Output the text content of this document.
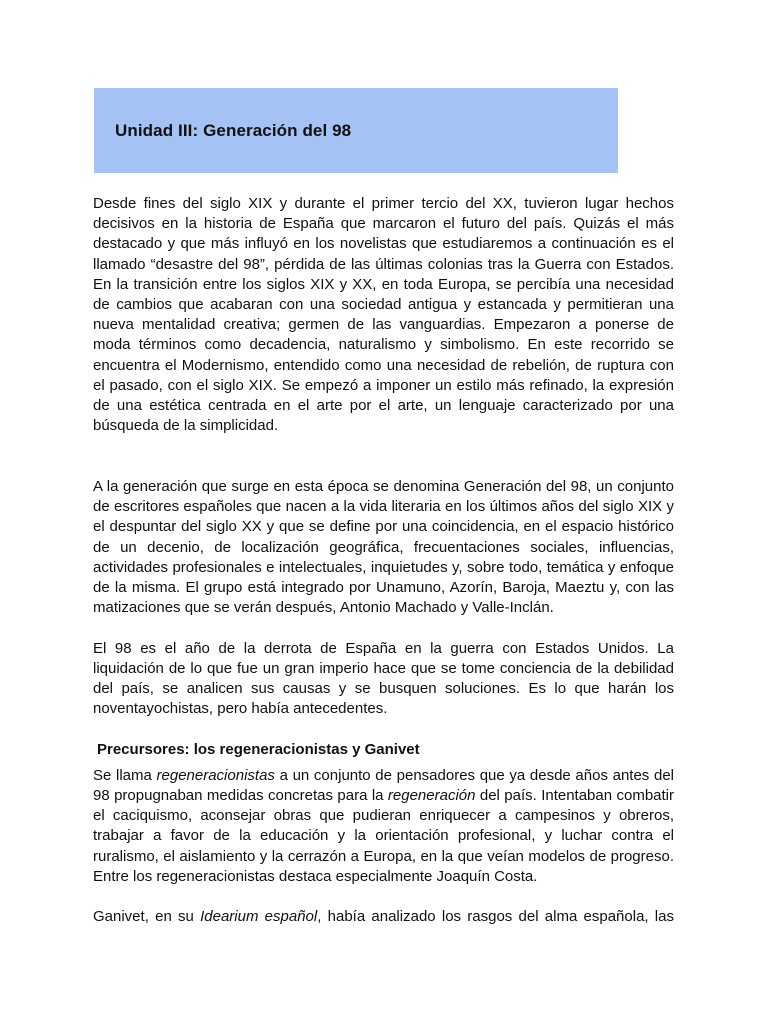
Unidad III: Generación del 98

Desde fines del siglo XIX y durante el primer tercio del XX, tuvieron lugar hechos decisivos en la historia de España que marcaron el futuro del país. Quizás el más destacado y que más influyó en los novelistas que estudiaremos a continuación es el llamado “desastre del 98”, pérdida de las últimas colonias tras la Guerra con Estados. En la transición entre los siglos XIX y XX, en toda Europa, se percibía una necesidad de cambios que acabaran con una sociedad antigua y estancada y permitieran una nueva mentalidad creativa; germen de las vanguardias. Empezaron a ponerse de moda términos como decadencia, naturalismo y simbolismo. En este recorrido se encuentra el Modernismo, entendido como una necesidad de rebelión, de ruptura con el pasado, con el siglo XIX. Se empezó a imponer un estilo más refinado, la expresión de una estética centrada en el arte por el arte, un lenguaje caracterizado por una búsqueda de la simplicidad.

A la generación que surge en esta época se denomina Generación del 98, un conjunto de escritores españoles que nacen a la vida literaria en los últimos años del siglo XIX y el despuntar del siglo XX y que se define por una coincidencia, en el espacio histórico de un decenio, de localización geográfica, frecuentaciones sociales, influencias, actividades profesionales e intelectuales, inquietudes y, sobre todo, temática y enfoque de la misma. El grupo está integrado por Unamuno, Azorín, Baroja, Maeztu y, con las matizaciones que se verán después, Antonio Machado y Valle-Inclán.

El 98 es el año de la derrota de España en la guerra con Estados Unidos. La liquidación de lo que fue un gran imperio hace que se tome conciencia de la debilidad del país, se analicen sus causas y se busquen soluciones. Es lo que harán los noventayochistas, pero había antecedentes.

Precursores: los regeneracionistas y Ganivet

Se llama regeneracionistas a un conjunto de pensadores que ya desde años antes del 98 propugnaban medidas concretas para la regeneración del país. Intentaban combatir el caciquismo, aconsejar obras que pudieran enriquecer a campesinos y obreros, trabajar a favor de la educación y la orientación profesional, y luchar contra el ruralismo, el aislamiento y la cerrazón a Europa, en la que veían modelos de progreso. Entre los regeneracionistas destaca especialmente Joaquín Costa.

Ganivet, en su Idearium español, había analizado los rasgos del alma española, las
